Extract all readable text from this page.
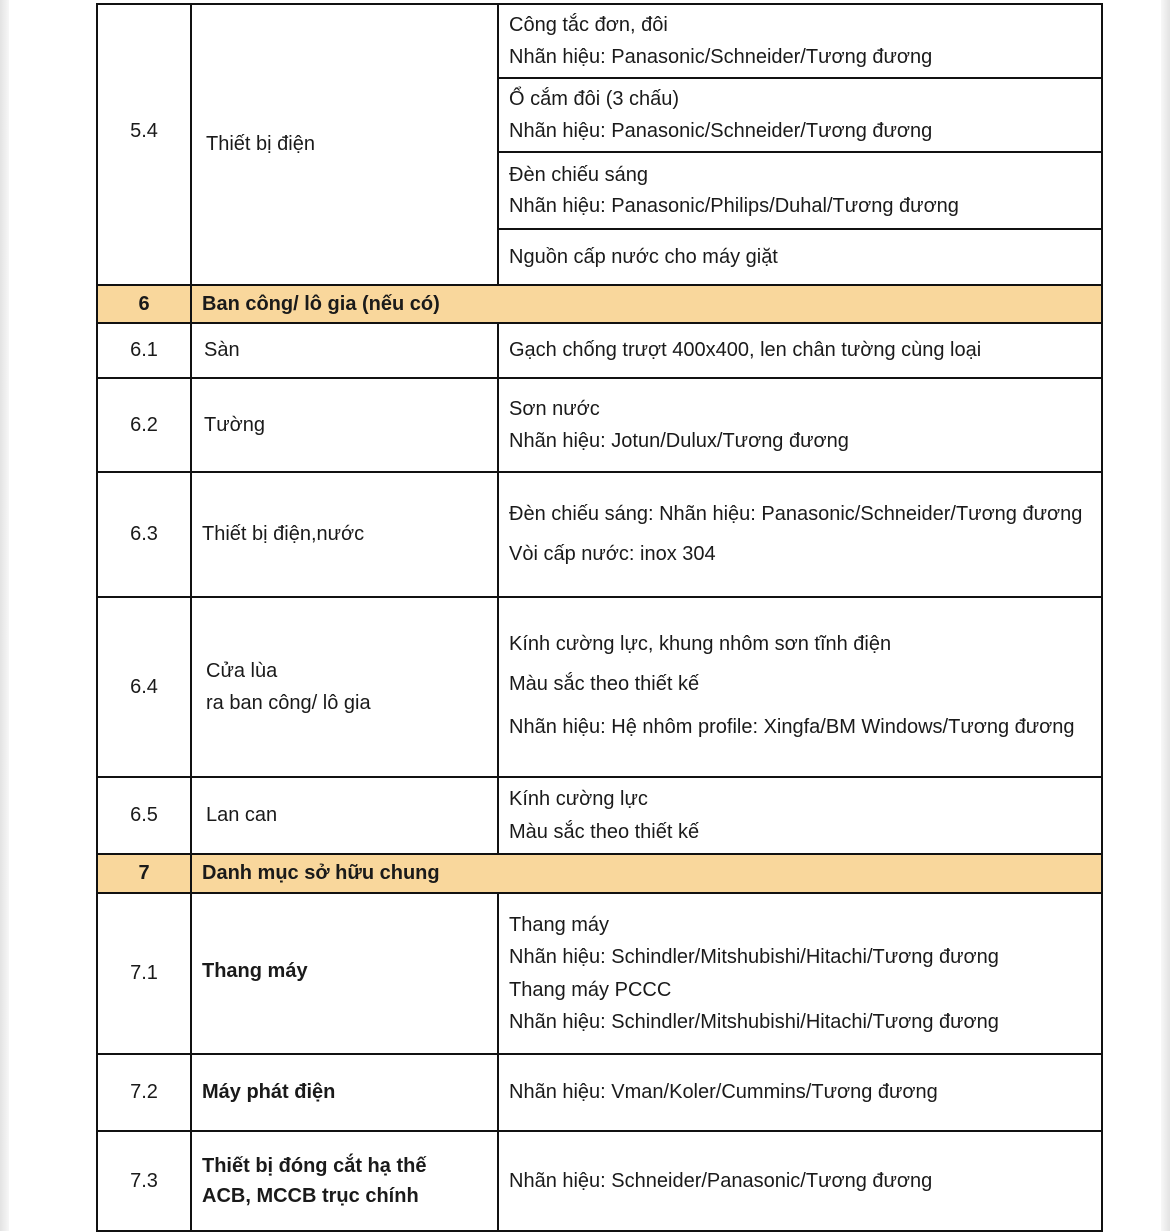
5.4	Thiết bị điện	Công tắc đơn, đôi
Nhãn hiệu: Panasonic/Schneider/Tương đương

		Ổ cắm đôi (3 chấu)
Nhãn hiệu: Panasonic/Schneider/Tương đương

		Đèn chiếu sáng
Nhãn hiệu: Panasonic/Philips/Duhal/Tương đương

		Nguồn cấp nước cho máy giặt

6	Ban công/ lô gia (nếu có)	
6.1	Sàn	Gạch chống trượt 400x400, len chân tường cùng loại
6.2	Tường	Sơn nước
Nhãn hiệu: Jotun/Dulux/Tương đương

6.3	Thiết bị điện,nước	Đèn chiếu sáng: Nhãn hiệu: Panasonic/Schneider/Tương đương
Vòi cấp nước: inox 304

6.4	Cửa lùa
ra ban công/ lô gia	Kính cường lực, khung nhôm sơn tĩnh điện
Màu sắc theo thiết kế
Nhãn hiệu: Hệ nhôm profile: Xingfa/BM Windows/Tương đương

6.5	Lan can	Kính cường lực
Màu sắc theo thiết kế

7	Danh mục sở hữu chung	
7.1	Thang máy	Thang máy
Nhãn hiệu: Schindler/Mitshubishi/Hitachi/Tương đương
Thang máy PCCC
Nhãn hiệu: Schindler/Mitshubishi/Hitachi/Tương đương

7.2	Máy phát điện	Nhãn hiệu: Vman/Koler/Cummins/Tương đương
7.3	Thiết bị đóng cắt hạ thế
ACB, MCCB trục chính	Nhãn hiệu: Schneider/Panasonic/Tương đương
